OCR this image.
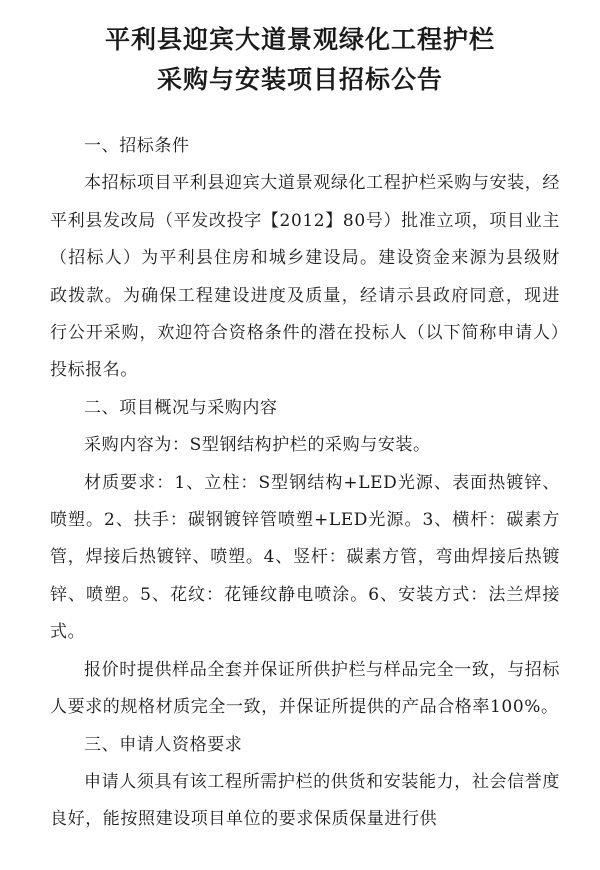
平利县迎宾大道景观绿化工程护栏
采购与安装项目招标公告

一、招标条件

本招标项目平利县迎宾大道景观绿化工程护栏采购与安装，经平利县发改局（平发改投字【2012】80号）批准立项，项目业主（招标人）为平利县住房和城乡建设局。建设资金来源为县级财政拨款。为确保工程建设进度及质量，经请示县政府同意，现进行公开采购，欢迎符合资格条件的潜在投标人（以下简称申请人）投标报名。

二、项目概况与采购内容

采购内容为：S型钢结构护栏的采购与安装。

材质要求：1、立柱：S型钢结构+LED光源、表面热镀锌、喷塑。2、扶手：碳钢镀锌管喷塑+LED光源。3、横杆：碳素方管，焊接后热镀锌、喷塑。4、竖杆：碳素方管，弯曲焊接后热镀锌、喷塑。5、花纹：花锤纹静电喷涂。6、安装方式：法兰焊接式。

报价时提供样品全套并保证所供护栏与样品完全一致，与招标人要求的规格材质完全一致，并保证所提供的产品合格率100%。

三、申请人资格要求

申请人须具有该工程所需护栏的供货和安装能力，社会信誉度良好，能按照建设项目单位的要求保质保量进行供
